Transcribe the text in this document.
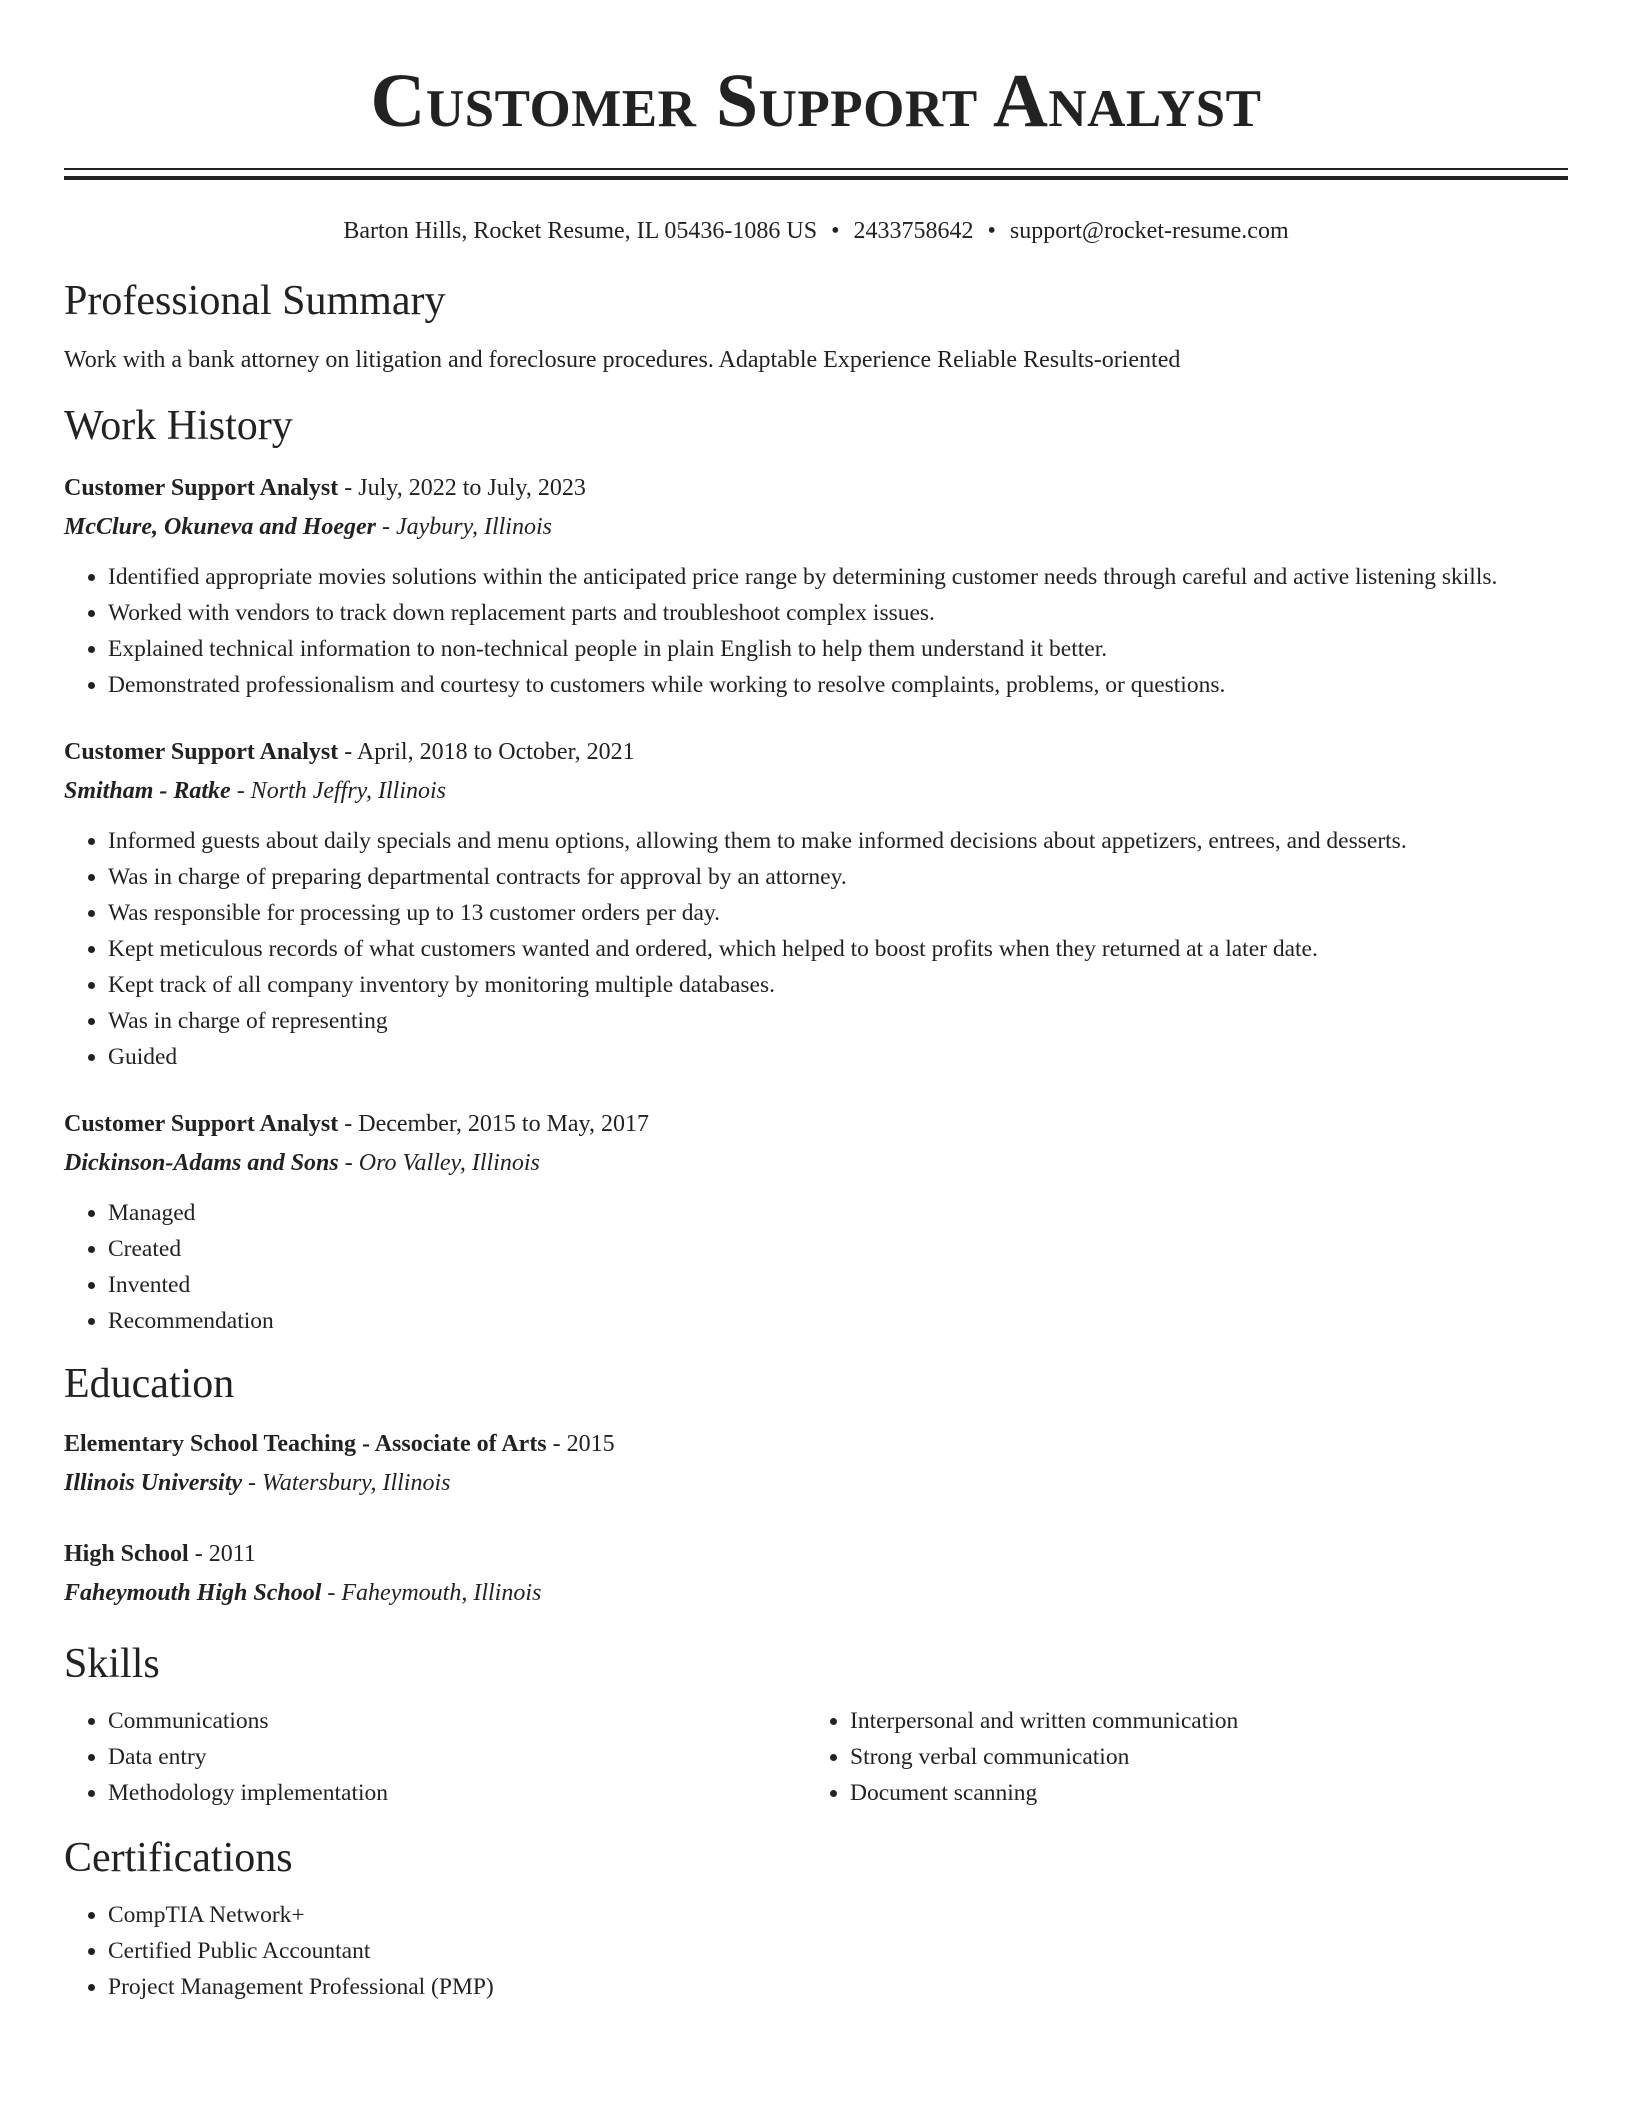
Customer Support Analyst
Barton Hills, Rocket Resume, IL 05436-1086 US • 2433758642 • support@rocket-resume.com
Professional Summary

Work with a bank attorney on litigation and foreclosure procedures. Adaptable Experience Reliable Results-oriented

Work History
Customer Support Analyst - July, 2022 to July, 2023
McClure, Okuneva and Hoeger - Jaybury, Illinois
• Identified appropriate movies solutions within the anticipated price range by determining customer needs through careful and active listening skills.
• Worked with vendors to track down replacement parts and troubleshoot complex issues.
• Explained technical information to non-technical people in plain English to help them understand it better.
• Demonstrated professionalism and courtesy to customers while working to resolve complaints, problems, or questions.
Customer Support Analyst - April, 2018 to October, 2021
Smitham - Ratke - North Jeffry, Illinois
• Informed guests about daily specials and menu options, allowing them to make informed decisions about appetizers, entrees, and desserts.
• Was in charge of preparing departmental contracts for approval by an attorney.
• Was responsible for processing up to 13 customer orders per day.
• Kept meticulous records of what customers wanted and ordered, which helped to boost profits when they returned at a later date.
• Kept track of all company inventory by monitoring multiple databases.
• Was in charge of representing
• Guided
Customer Support Analyst - December, 2015 to May, 2017
Dickinson-Adams and Sons - Oro Valley, Illinois
• Managed
• Created
• Invented
• Recommendation
Education
Elementary School Teaching - Associate of Arts - 2015
Illinois University - Watersbury, Illinois
High School - 2011
Faheymouth High School - Faheymouth, Illinois
Skills
• Communications
• Data entry
• Methodology implementation
• Interpersonal and written communication
• Strong verbal communication
• Document scanning
Certifications
• CompTIA Network+
• Certified Public Accountant
• Project Management Professional (PMP)
